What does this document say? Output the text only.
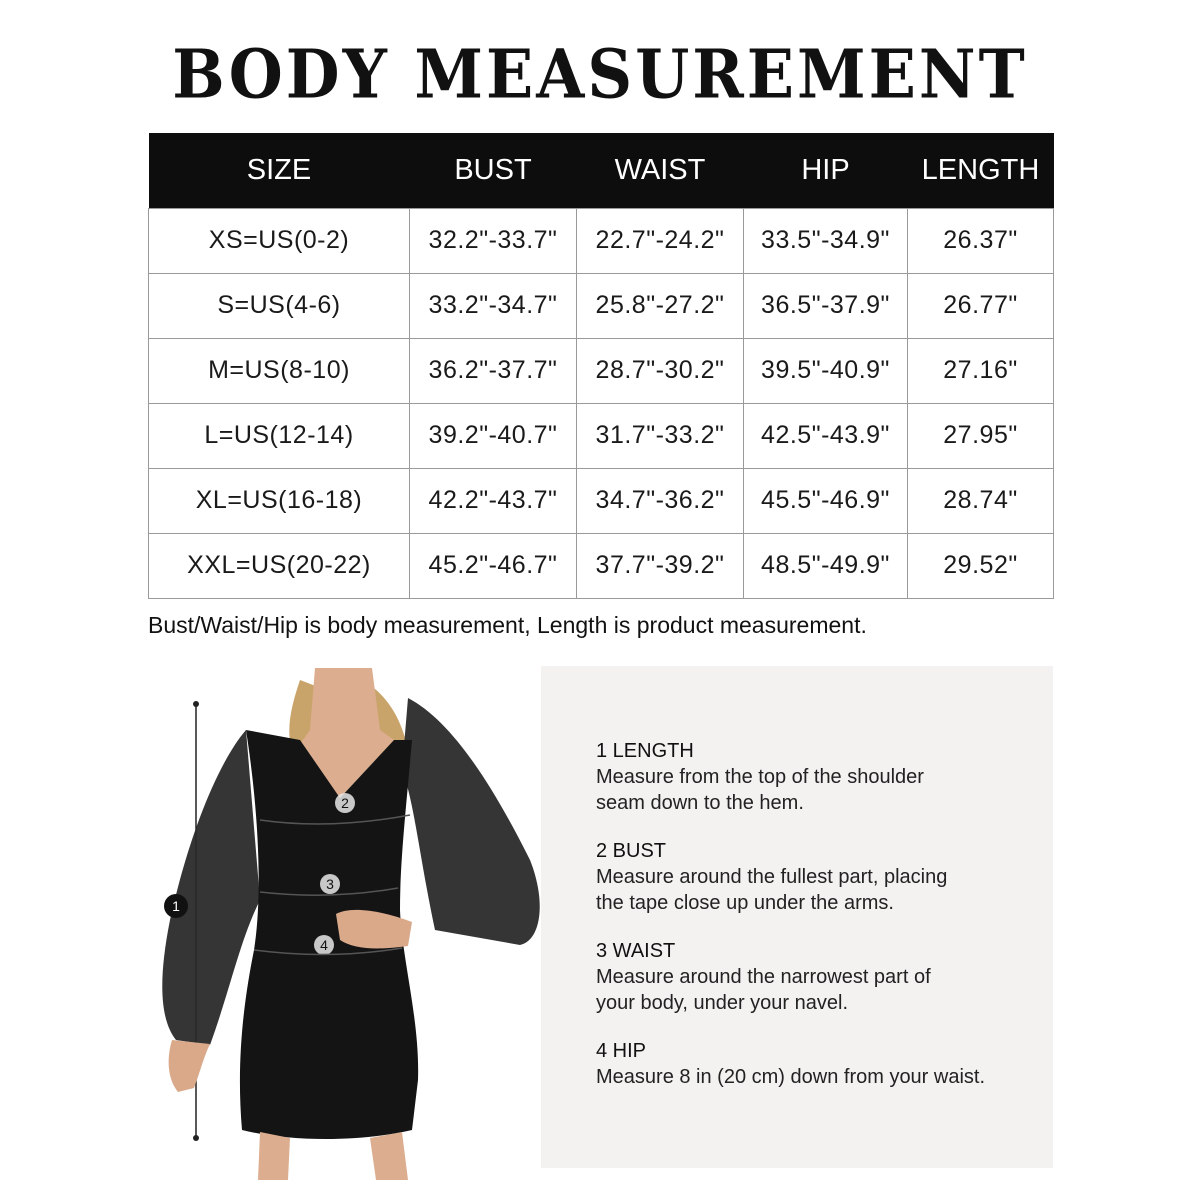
BODY MEASUREMENT
SIZE	BUST	WAIST	HIP	LENGTH
XS=US(0-2)	32.2"-33.7"	22.7"-24.2"	33.5"-34.9"	26.37"
S=US(4-6)	33.2"-34.7"	25.8"-27.2"	36.5"-37.9"	26.77"
M=US(8-10)	36.2"-37.7"	28.7"-30.2"	39.5"-40.9"	27.16"
L=US(12-14)	39.2"-40.7"	31.7"-33.2"	42.5"-43.9"	27.95"
XL=US(16-18)	42.2"-43.7"	34.7"-36.2"	45.5"-46.9"	28.74"
XXL=US(20-22)	45.2"-46.7"	37.7"-39.2"	48.5"-49.9"	29.52"
Bust/Waist/Hip is body measurement, Length is product measurement.
1
2
3
4
1 LENGTH

Measure from the top of the shoulder

seam down to the hem.

2 BUST

Measure around the fullest part, placing

the tape close up under the arms.

3 WAIST

Measure around the narrowest part of

your body, under your navel.

4 HIP

Measure 8 in (20 cm) down from your waist.
